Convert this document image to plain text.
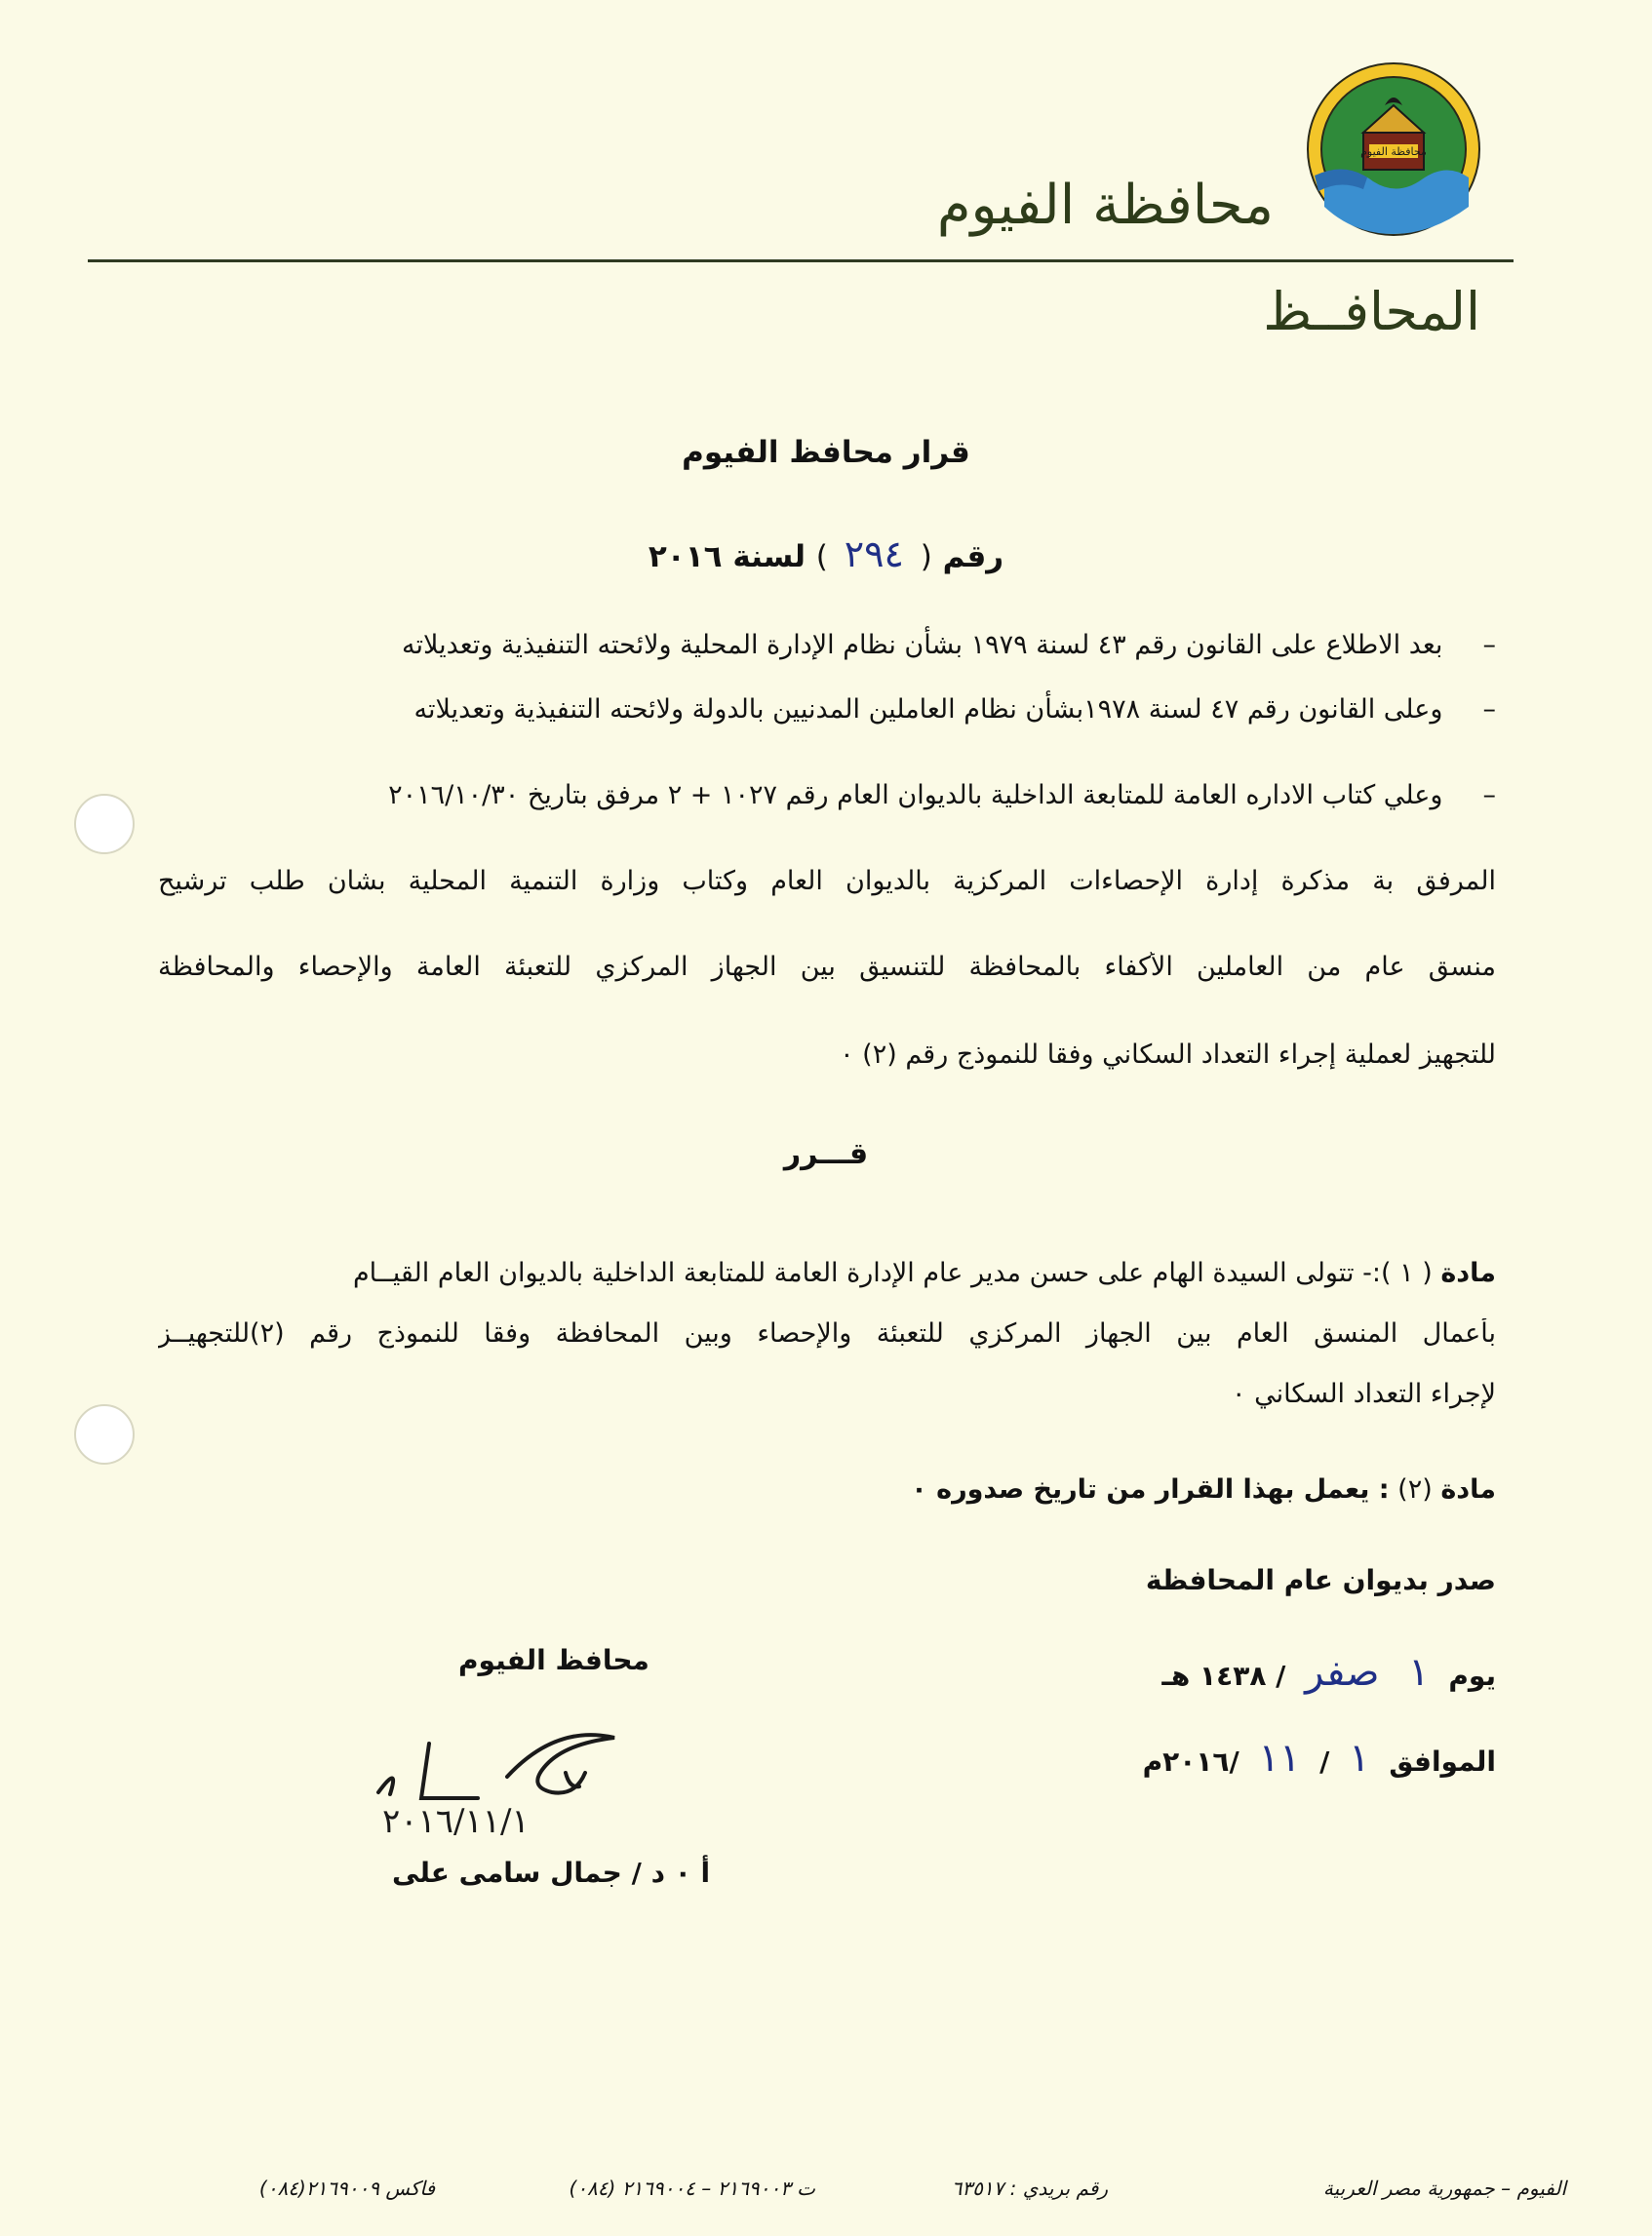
محافظة الفيوم
محافظة الفيوم
المحافــظ
قرار محافظ الفيوم
رقم ( ٢٩٤ ) لسنة ٢٠١٦
– بعد الاطلاع على القانون رقم ٤٣ لسنة ١٩٧٩ بشأن نظام الإدارة المحلية ولائحته التنفيذية وتعديلاته
– وعلى القانون رقم ٤٧ لسنة ١٩٧٨بشأن نظام العاملين المدنيين بالدولة ولائحته التنفيذية وتعديلاته
– وعلي كتاب الاداره العامة للمتابعة الداخلية بالديوان العام رقم ١٠٢٧ + ٢ مرفق بتاريخ ٢٠١٦/١٠/٣٠
المرفق بة مذكرة إدارة الإحصاءات المركزية بالديوان العام وكتاب وزارة التنمية المحلية بشان طلب ترشيح
منسق عام من العاملين الأكفاء بالمحافظة للتنسيق بين الجهاز المركزي للتعبئة العامة والإحصاء والمحافظة
للتجهيز لعملية إجراء التعداد السكاني وفقا للنموذج رقم (٢) ٠
قـــرر
مادة ( ١ ):- تتولى السيدة الهام على حسن مدير عام الإدارة العامة للمتابعة الداخلية بالديوان العام القيــام
بأعمال المنسق العام بين الجهاز المركزي للتعبئة والإحصاء وبين المحافظة وفقا للنموذج رقم (٢)للتجهيــز
لإجراء التعداد السكاني ٠
مادة (٢) : يعمل بهذا القرار من تاريخ صدوره ٠
صدر بديوان عام المحافظة
يوم ١ صفر / ١٤٣٨ هـ
الموافق ١ / ١١ /٢٠١٦م
محافظ الفيوم
٢٠١٦/١١/١
أ ٠ د / جمال سامى على
الفيوم – جمهورية مصر العربية
رقم بريدي : ٦٣٥١٧
ت ٢١٦٩٠٠٣ – ٢١٦٩٠٠٤ (٠٨٤)
فاكس ٢١٦٩٠٠٩(٠٨٤)
